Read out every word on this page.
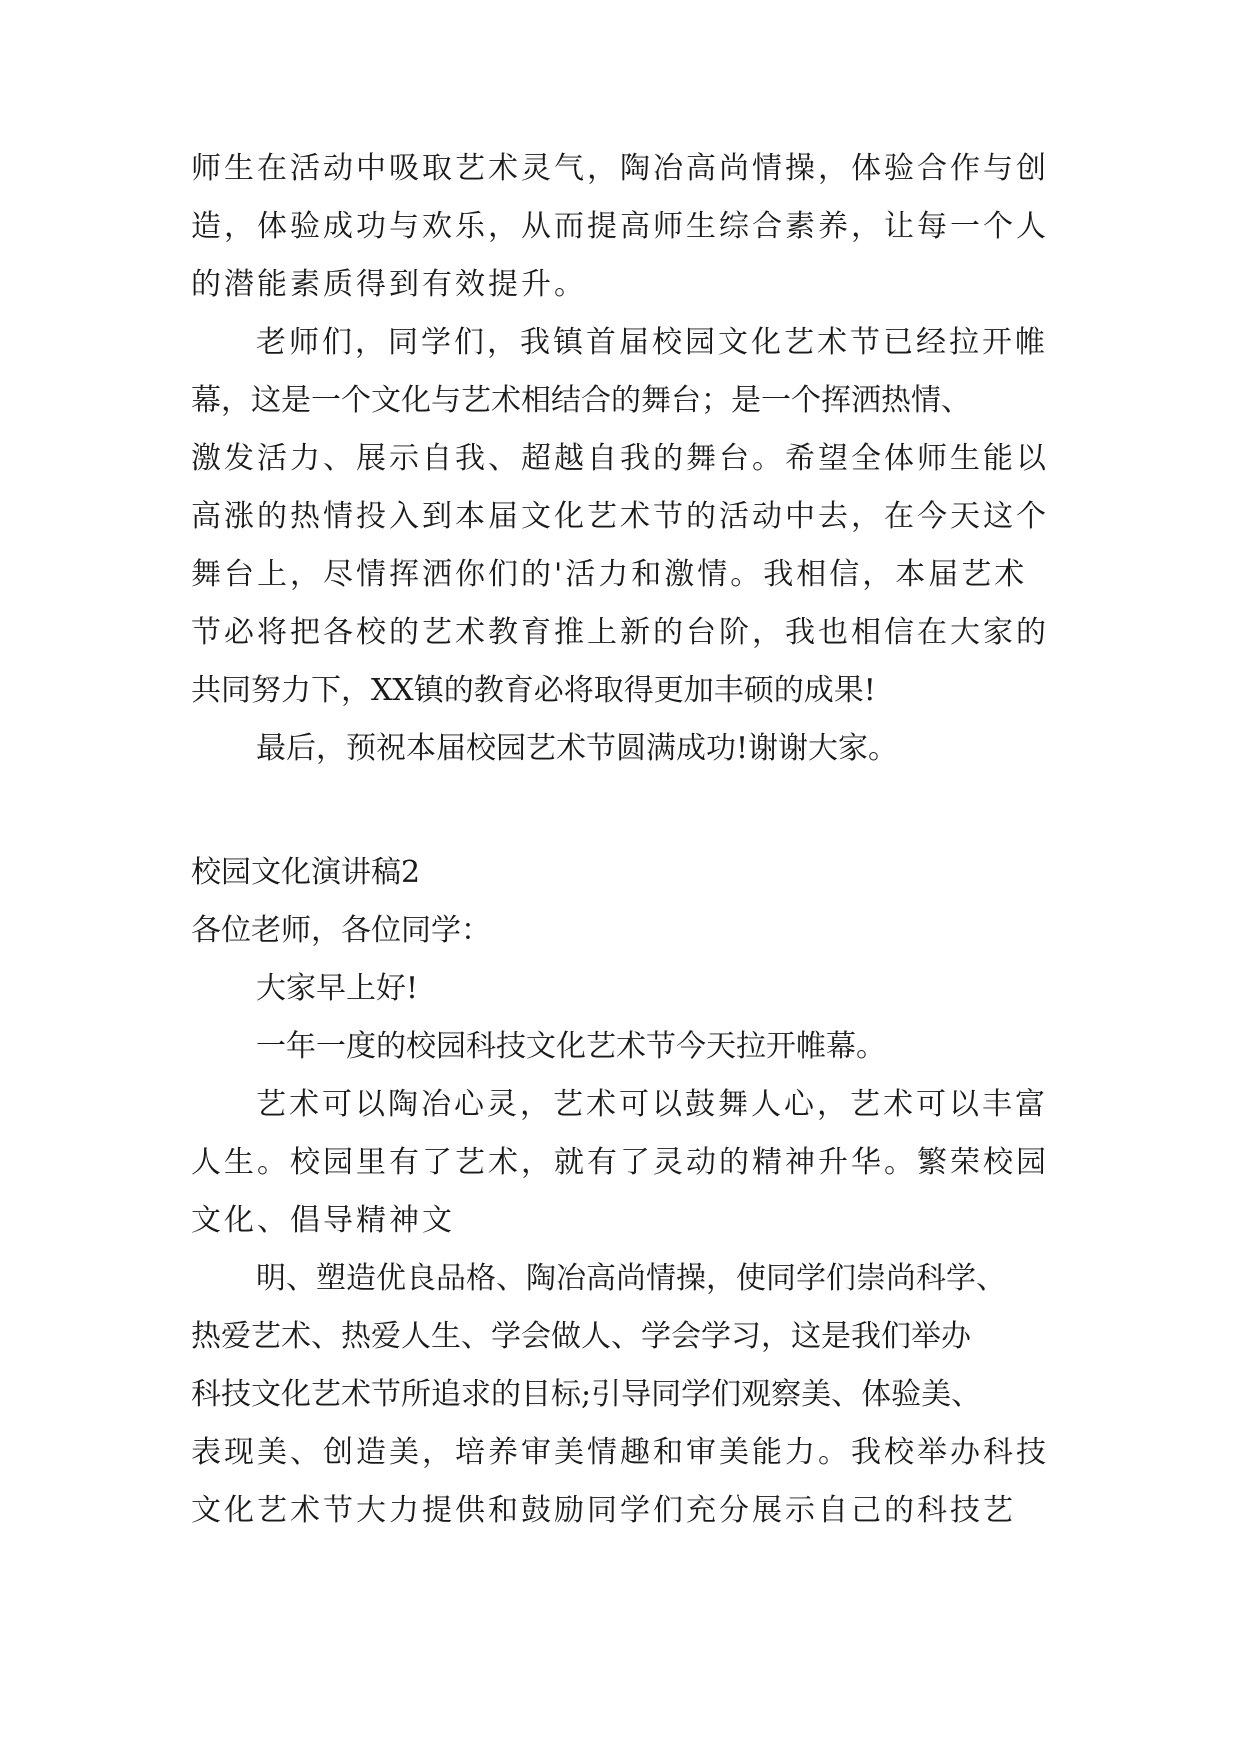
师生在活动中吸取艺术灵气，陶冶高尚情操，体验合作与创
造，体验成功与欢乐，从而提高师生综合素养，让每一个人
的潜能素质得到有效提升。
老师们，同学们，我镇首届校园文化艺术节已经拉开帷
幕，这是一个文化与艺术相结合的舞台；是一个挥洒热情、
激发活力、展示自我、超越自我的舞台。希望全体师生能以
高涨的热情投入到本届文化艺术节的活动中去，在今天这个
舞台上，尽情挥洒你们的'活力和激情。我相信，本届艺术
节必将把各校的艺术教育推上新的台阶，我也相信在大家的
共同努力下，XX镇的教育必将取得更加丰硕的成果!
最后，预祝本届校园艺术节圆满成功!谢谢大家。
校园文化演讲稿2
各位老师，各位同学：
大家早上好!
一年一度的校园科技文化艺术节今天拉开帷幕。
艺术可以陶冶心灵，艺术可以鼓舞人心，艺术可以丰富
人生。校园里有了艺术，就有了灵动的精神升华。繁荣校园
文化、倡导精神文
明、塑造优良品格、陶冶高尚情操，使同学们崇尚科学、
热爱艺术、热爱人生、学会做人、学会学习，这是我们举办
科技文化艺术节所追求的目标;引导同学们观察美、体验美、
表现美、创造美，培养审美情趣和审美能力。我校举办科技
文化艺术节大力提供和鼓励同学们充分展示自己的科技艺
